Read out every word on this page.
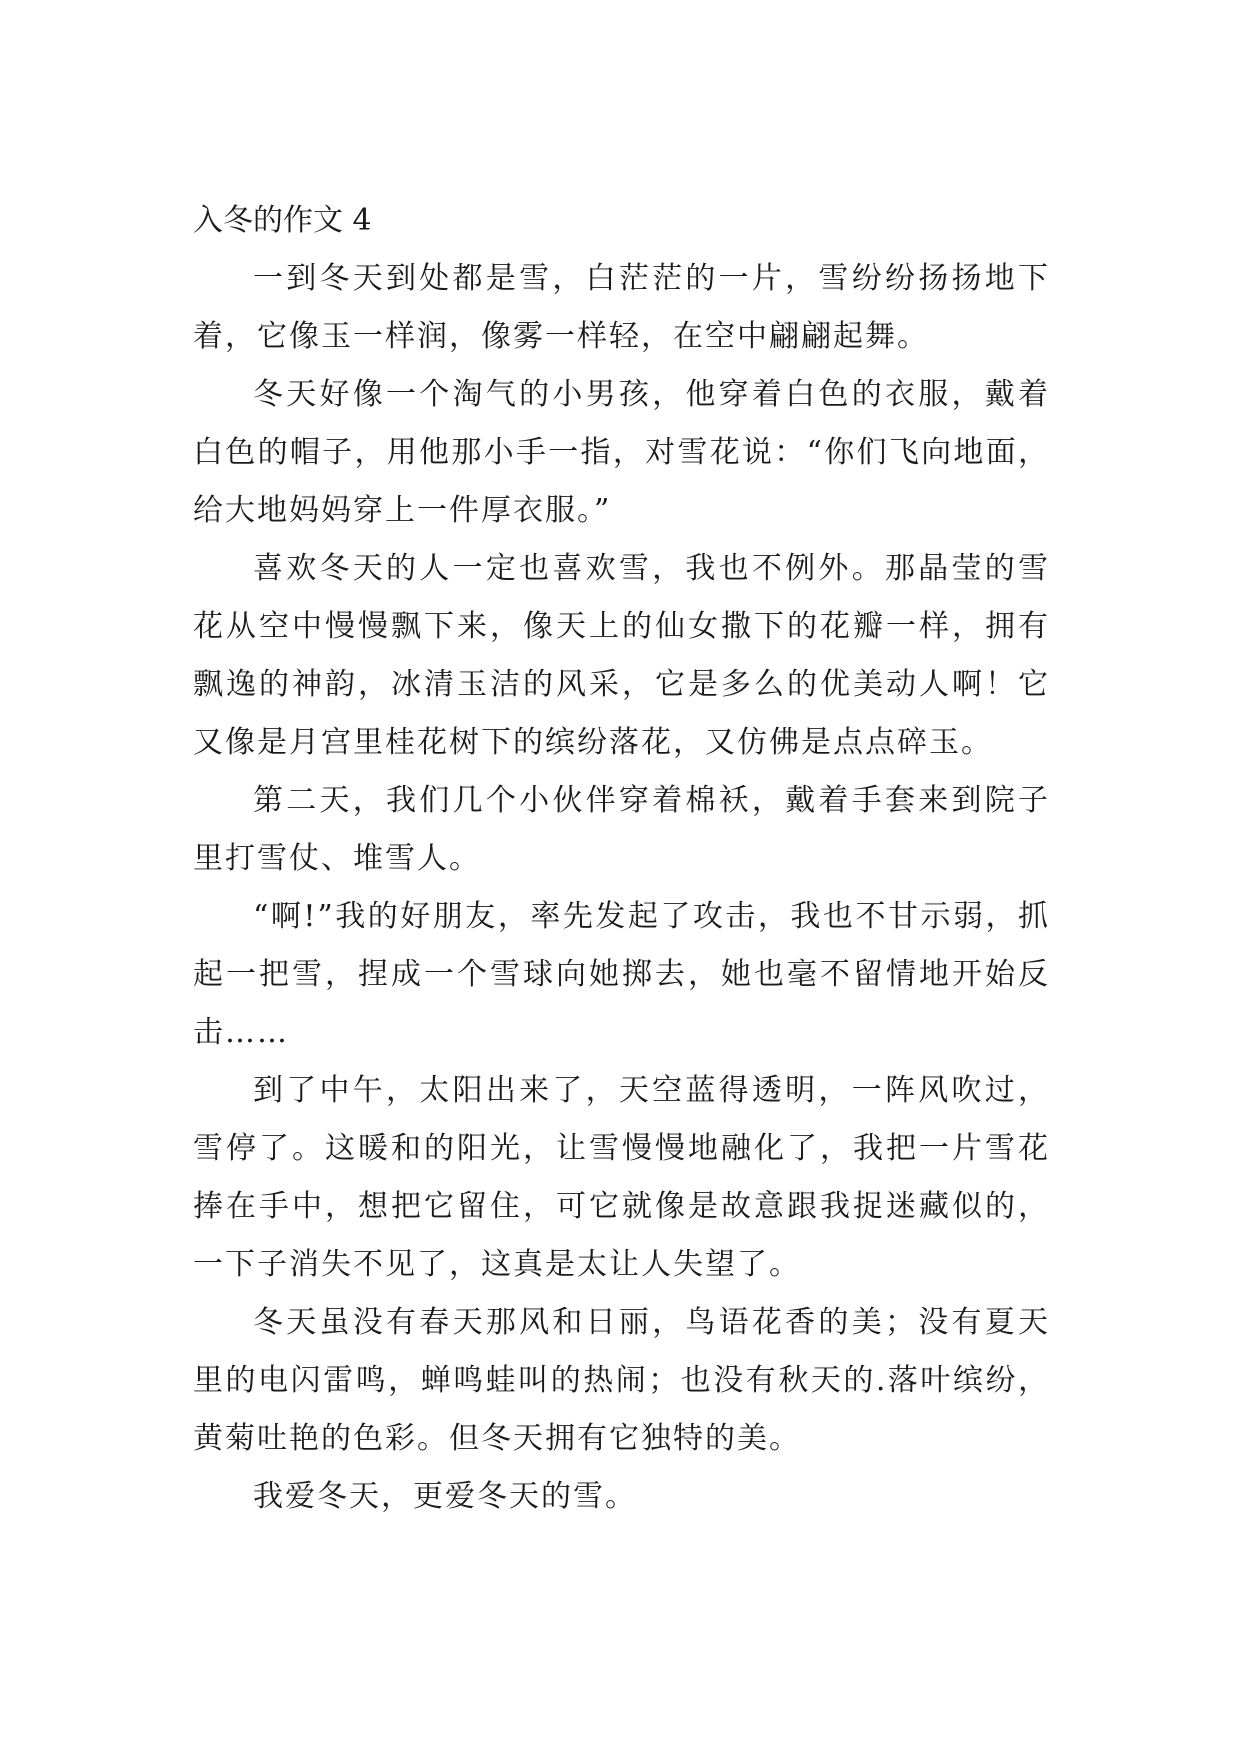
入冬的作文 4

一到冬天到处都是雪，白茫茫的一片，雪纷纷扬扬地下着，它像玉一样润，像雾一样轻，在空中翩翩起舞。

冬天好像一个淘气的小男孩，他穿着白色的衣服，戴着白色的帽子，用他那小手一指，对雪花说：“你们飞向地面，给大地妈妈穿上一件厚衣服。”

喜欢冬天的人一定也喜欢雪，我也不例外。那晶莹的雪花从空中慢慢飘下来，像天上的仙女撒下的花瓣一样，拥有飘逸的神韵，冰清玉洁的风采，它是多么的优美动人啊！它又像是月宫里桂花树下的缤纷落花，又仿佛是点点碎玉。

第二天，我们几个小伙伴穿着棉袄，戴着手套来到院子里打雪仗、堆雪人。

“啊!”我的好朋友，率先发起了攻击，我也不甘示弱，抓起一把雪，捏成一个雪球向她掷去，她也毫不留情地开始反击……

到了中午，太阳出来了，天空蓝得透明，一阵风吹过，雪停了。这暖和的阳光，让雪慢慢地融化了，我把一片雪花捧在手中，想把它留住，可它就像是故意跟我捉迷藏似的，一下子消失不见了，这真是太让人失望了。

冬天虽没有春天那风和日丽，鸟语花香的美；没有夏天里的电闪雷鸣，蝉鸣蛙叫的热闹；也没有秋天的.落叶缤纷，黄菊吐艳的色彩。但冬天拥有它独特的美。

我爱冬天，更爱冬天的雪。
